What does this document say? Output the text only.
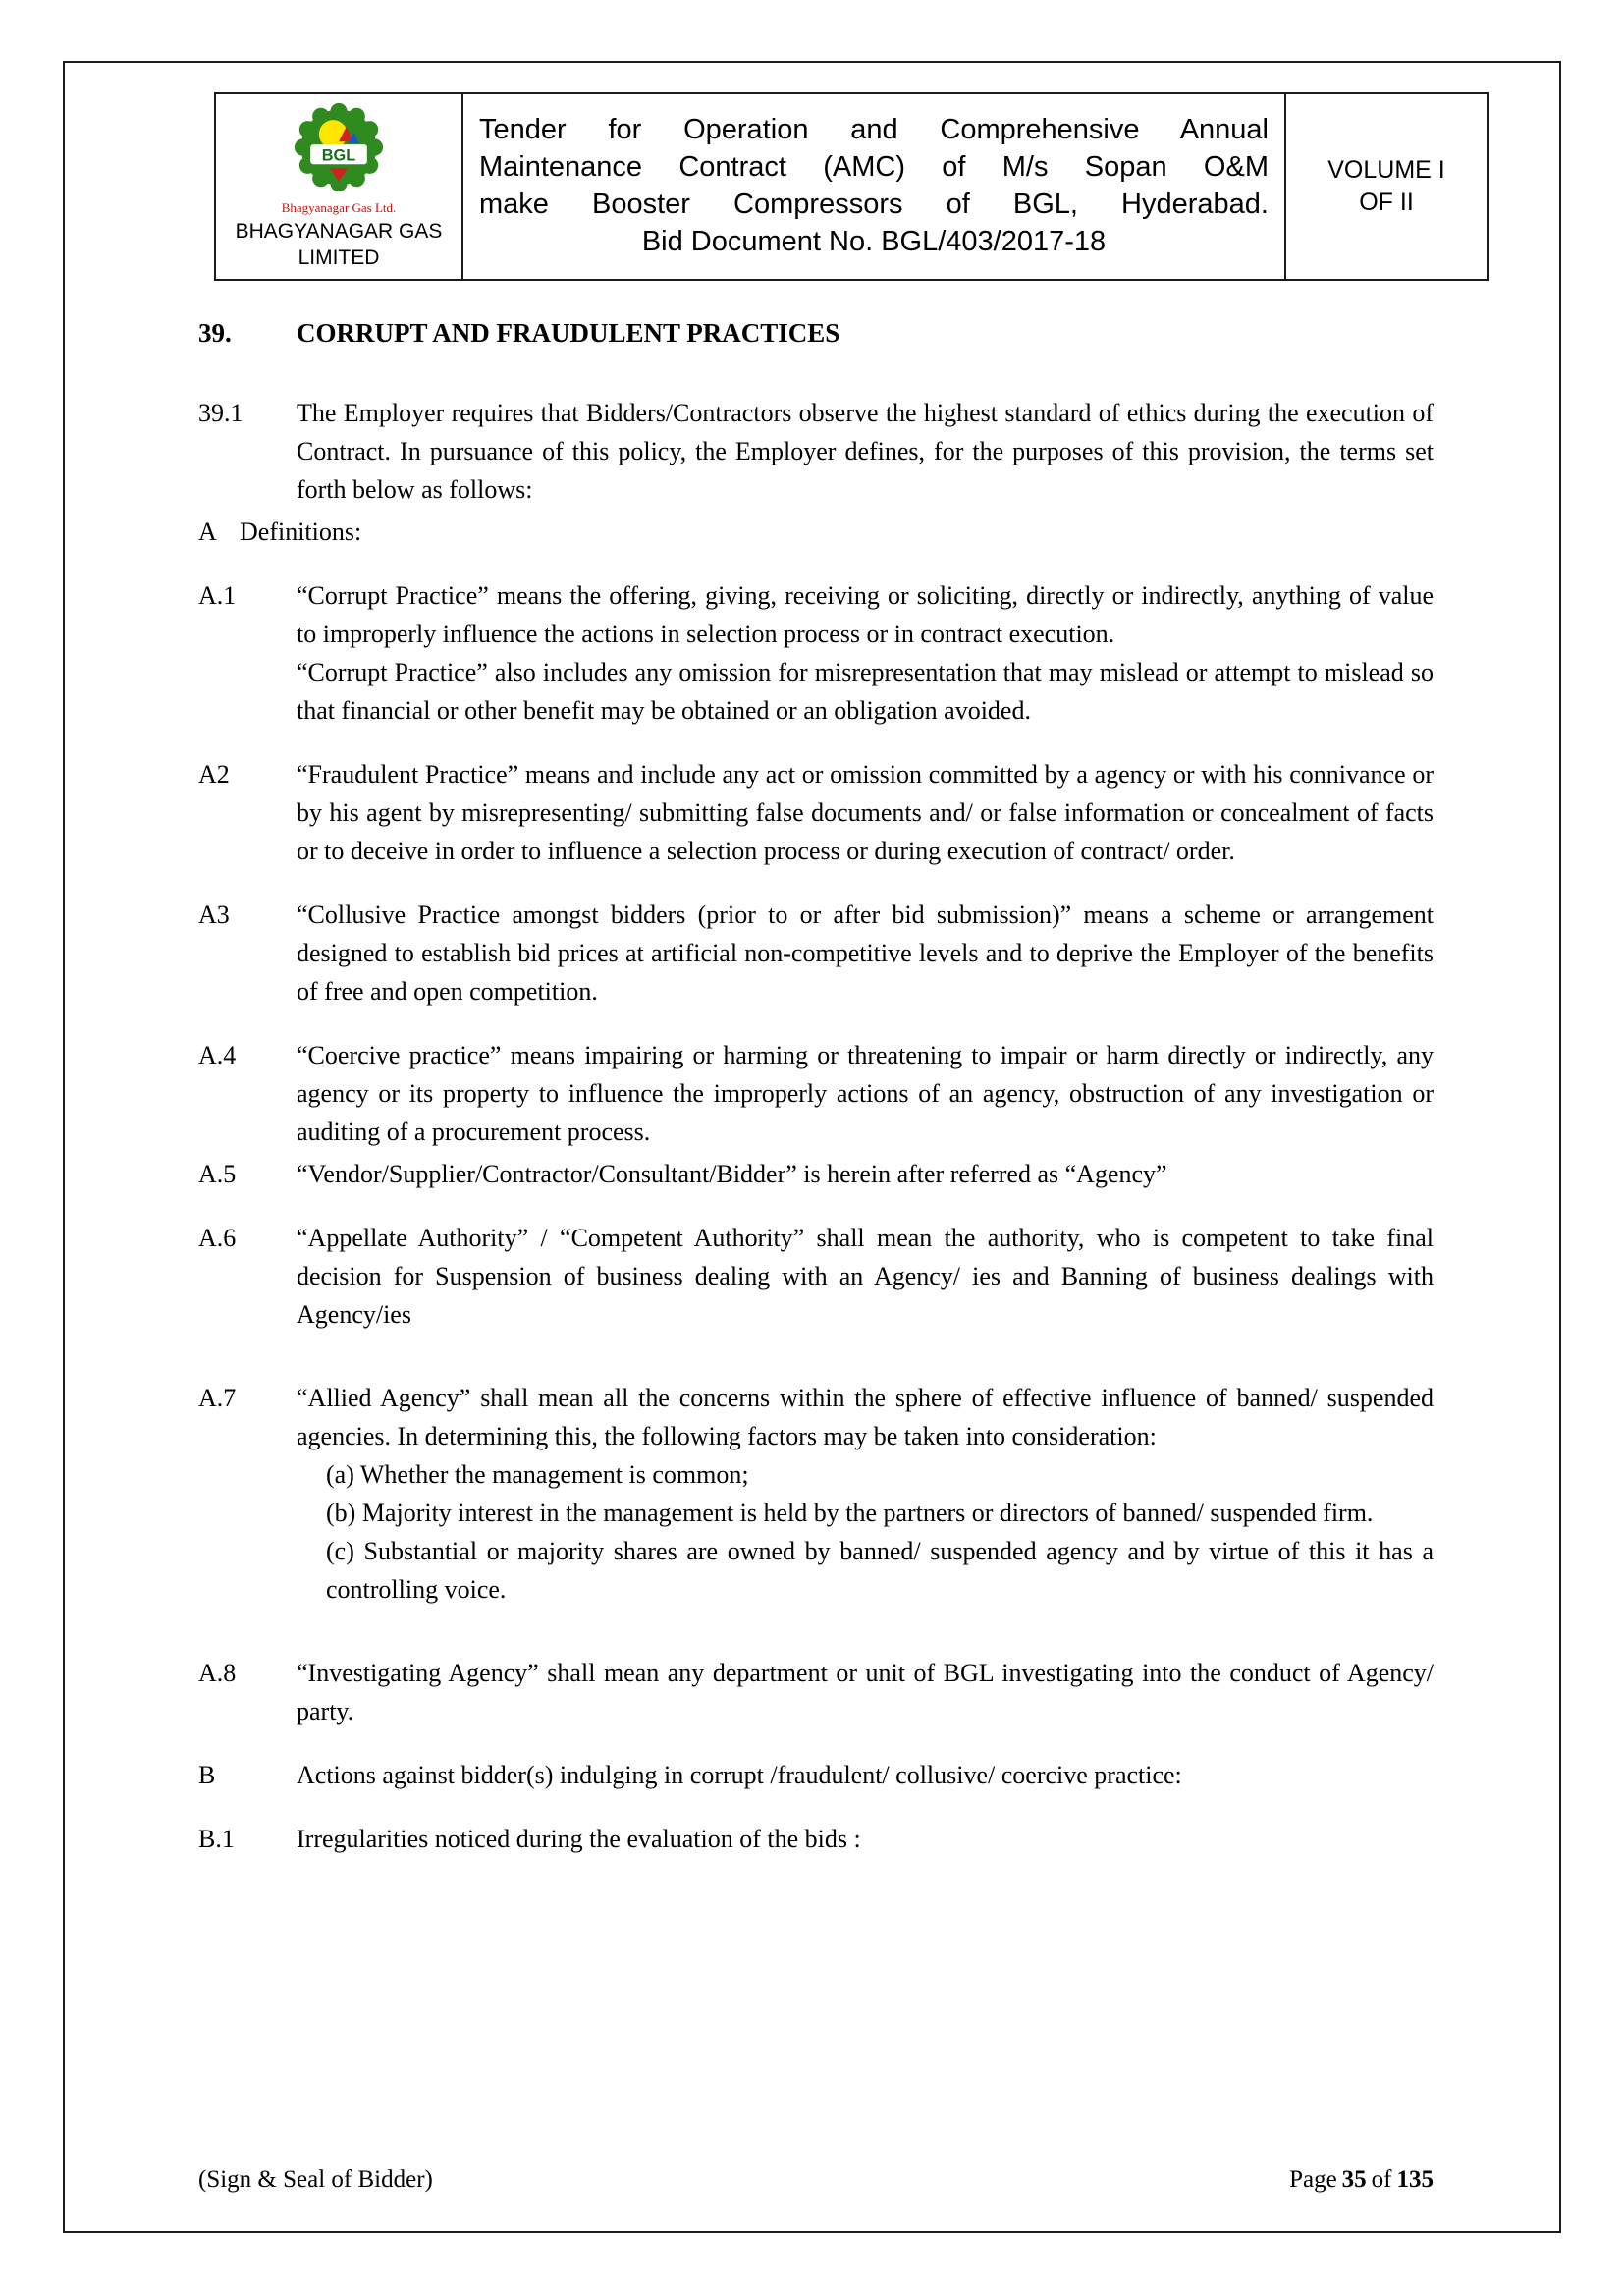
BGL
Bhagyanagar Gas Ltd.
BHAGYANAGAR GAS
LIMITED

Tender for Operation and Comprehensive Annual
Maintenance Contract (AMC) of M/s Sopan O&M
make Booster Compressors of BGL, Hyderabad.
Bid Document No. BGL/403/2017-18

VOLUME I
OF II
39.	CORRUPT AND FRAUDULENT PRACTICES
39.1	The Employer requires that Bidders/Contractors observe the highest standard of ethics during the execution of Contract. In pursuance of this policy, the Employer defines, for the purposes of this provision, the terms set forth below as follows:
A Definitions:
A.1	“Corrupt Practice” means the offering, giving, receiving or soliciting, directly or indirectly, anything of value to improperly influence the actions in selection process or in contract execution.
“Corrupt Practice” also includes any omission for misrepresentation that may mislead or attempt to mislead so that financial or other benefit may be obtained or an obligation avoided.
A2	“Fraudulent Practice” means and include any act or omission committed by a agency or with his connivance or by his agent by misrepresenting/ submitting false documents and/ or false information or concealment of facts or to deceive in order to influence a selection process or during execution of contract/ order.
A3	“Collusive Practice amongst bidders (prior to or after bid submission)” means a scheme or arrangement designed to establish bid prices at artificial non-competitive levels and to deprive the Employer of the benefits of free and open competition.
A.4	“Coercive practice” means impairing or harming or threatening to impair or harm directly or indirectly, any agency or its property to influence the improperly actions of an agency, obstruction of any investigation or auditing of a procurement process.
A.5	“Vendor/Supplier/Contractor/Consultant/Bidder” is herein after referred as “Agency”
A.6	“Appellate Authority” / “Competent Authority” shall mean the authority, who is competent to take final decision for Suspension of business dealing with an Agency/ ies and Banning of business dealings with Agency/ies
A.7	“Allied Agency” shall mean all the concerns within the sphere of effective influence of banned/ suspended agencies. In determining this, the following factors may be taken into consideration:
(a) Whether the management is common;
(b) Majority interest in the management is held by the partners or directors of banned/ suspended firm.
(c) Substantial or majority shares are owned by banned/ suspended agency and by virtue of this it has a controlling voice.
A.8	“Investigating Agency” shall mean any department or unit of BGL investigating into the conduct of Agency/ party.
B	Actions against bidder(s) indulging in corrupt /fraudulent/ collusive/ coercive practice:
B.1	Irregularities noticed during the evaluation of the bids :
(Sign & Seal of Bidder)	Page 35 of 135
